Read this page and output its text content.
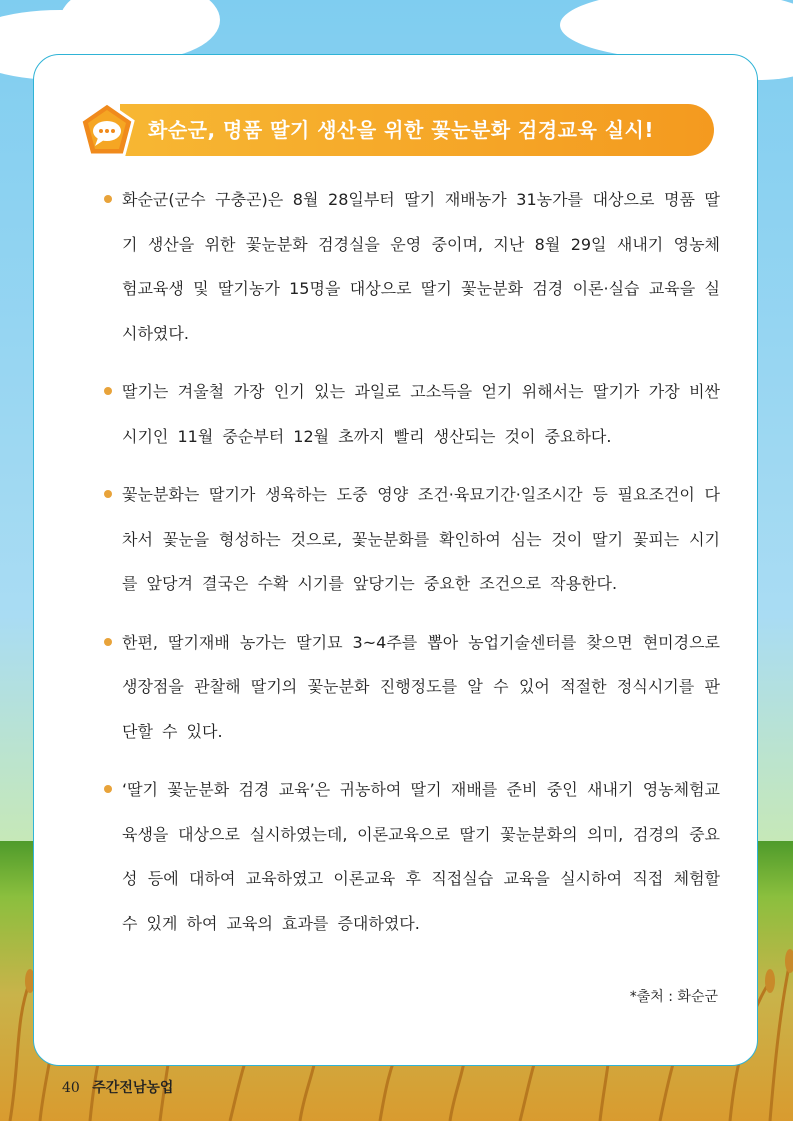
화순군, 명품 딸기 생산을 위한 꽃눈분화 검경교육 실시!

화순군(군수 구충곤)은 8월 28일부터 딸기 재배농가 31농가를 대상으로 명품 딸기 생산을 위한 꽃눈분화 검경실을 운영 중이며, 지난 8월 29일 새내기 영농체험교육생 및 딸기농가 15명을 대상으로 딸기 꽃눈분화 검경 이론·실습 교육을 실시하였다.

딸기는 겨울철 가장 인기 있는 과일로 고소득을 얻기 위해서는 딸기가 가장 비싼 시기인 11월 중순부터 12월 초까지 빨리 생산되는 것이 중요하다.

꽃눈분화는 딸기가 생육하는 도중 영양 조건·육묘기간·일조시간 등 필요조건이 다 차서 꽃눈을 형성하는 것으로, 꽃눈분화를 확인하여 심는 것이 딸기 꽃피는 시기를 앞당겨 결국은 수확 시기를 앞당기는 중요한 조건으로 작용한다.

한편, 딸기재배 농가는 딸기묘 3~4주를 뽑아 농업기술센터를 찾으면 현미경으로 생장점을 관찰해 딸기의 꽃눈분화 진행정도를 알 수 있어 적절한 정식시기를 판단할 수 있다.

‘딸기 꽃눈분화 검경 교육’은 귀농하여 딸기 재배를 준비 중인 새내기 영농체험교육생을 대상으로 실시하였는데, 이론교육으로 딸기 꽃눈분화의 의미, 검경의 중요성 등에 대하여 교육하였고 이론교육 후 직접실습 교육을 실시하여 직접 체험할 수 있게 하여 교육의 효과를 증대하였다.

*출처 : 화순군
40 주간전남농업
